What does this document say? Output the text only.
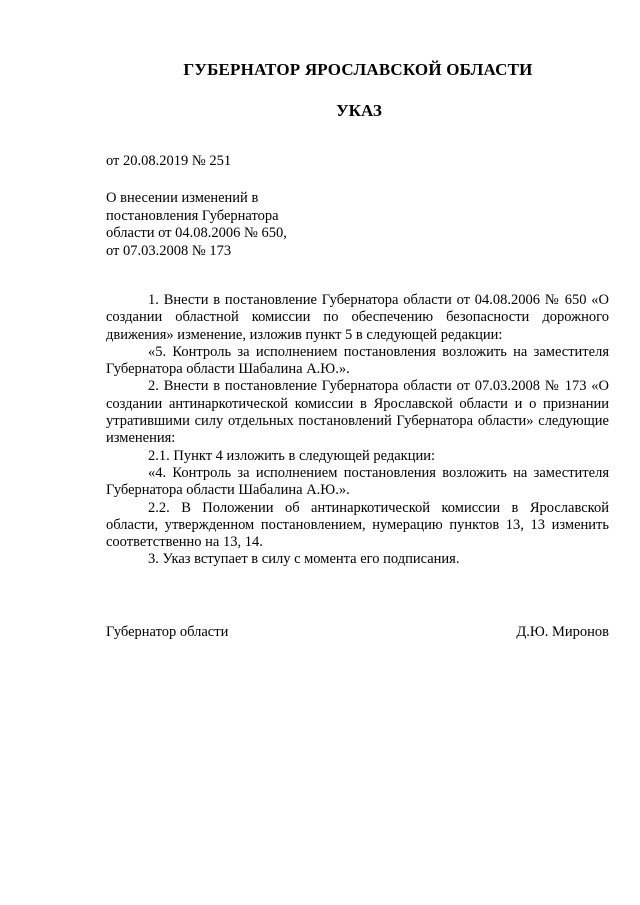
ГУБЕРНАТОР ЯРОСЛАВСКОЙ ОБЛАСТИ
УКАЗ
от 20.08.2019 № 251
О внесении изменений в
постановления Губернатора
области от 04.08.2006 № 650,
от 07.03.2008 № 173

1. Внести в постановление Губернатора области от 04.08.2006 № 650 «О создании областной комиссии по обеспечению безопасности дорожного движения» изменение, изложив пункт 5 в следующей редакции:

«5. Контроль за исполнением постановления возложить на заместителя Губернатора области Шабалина А.Ю.».

2. Внести в постановление Губернатора области от 07.03.2008 № 173 «О создании антинаркотической комиссии в Ярославской области и о признании утратившими силу отдельных постановлений Губернатора области» следующие изменения:

2.1. Пункт 4 изложить в следующей редакции:

«4. Контроль за исполнением постановления возложить на заместителя Губернатора области Шабалина А.Ю.».

2.2. В Положении об антинаркотической комиссии в Ярославской области, утвержденном постановлением, нумерацию пунктов 13, 13 изменить соответственно на 13, 14.

3. Указ вступает в силу с момента его подписания.

Губернатор области	Д.Ю. Миронов
